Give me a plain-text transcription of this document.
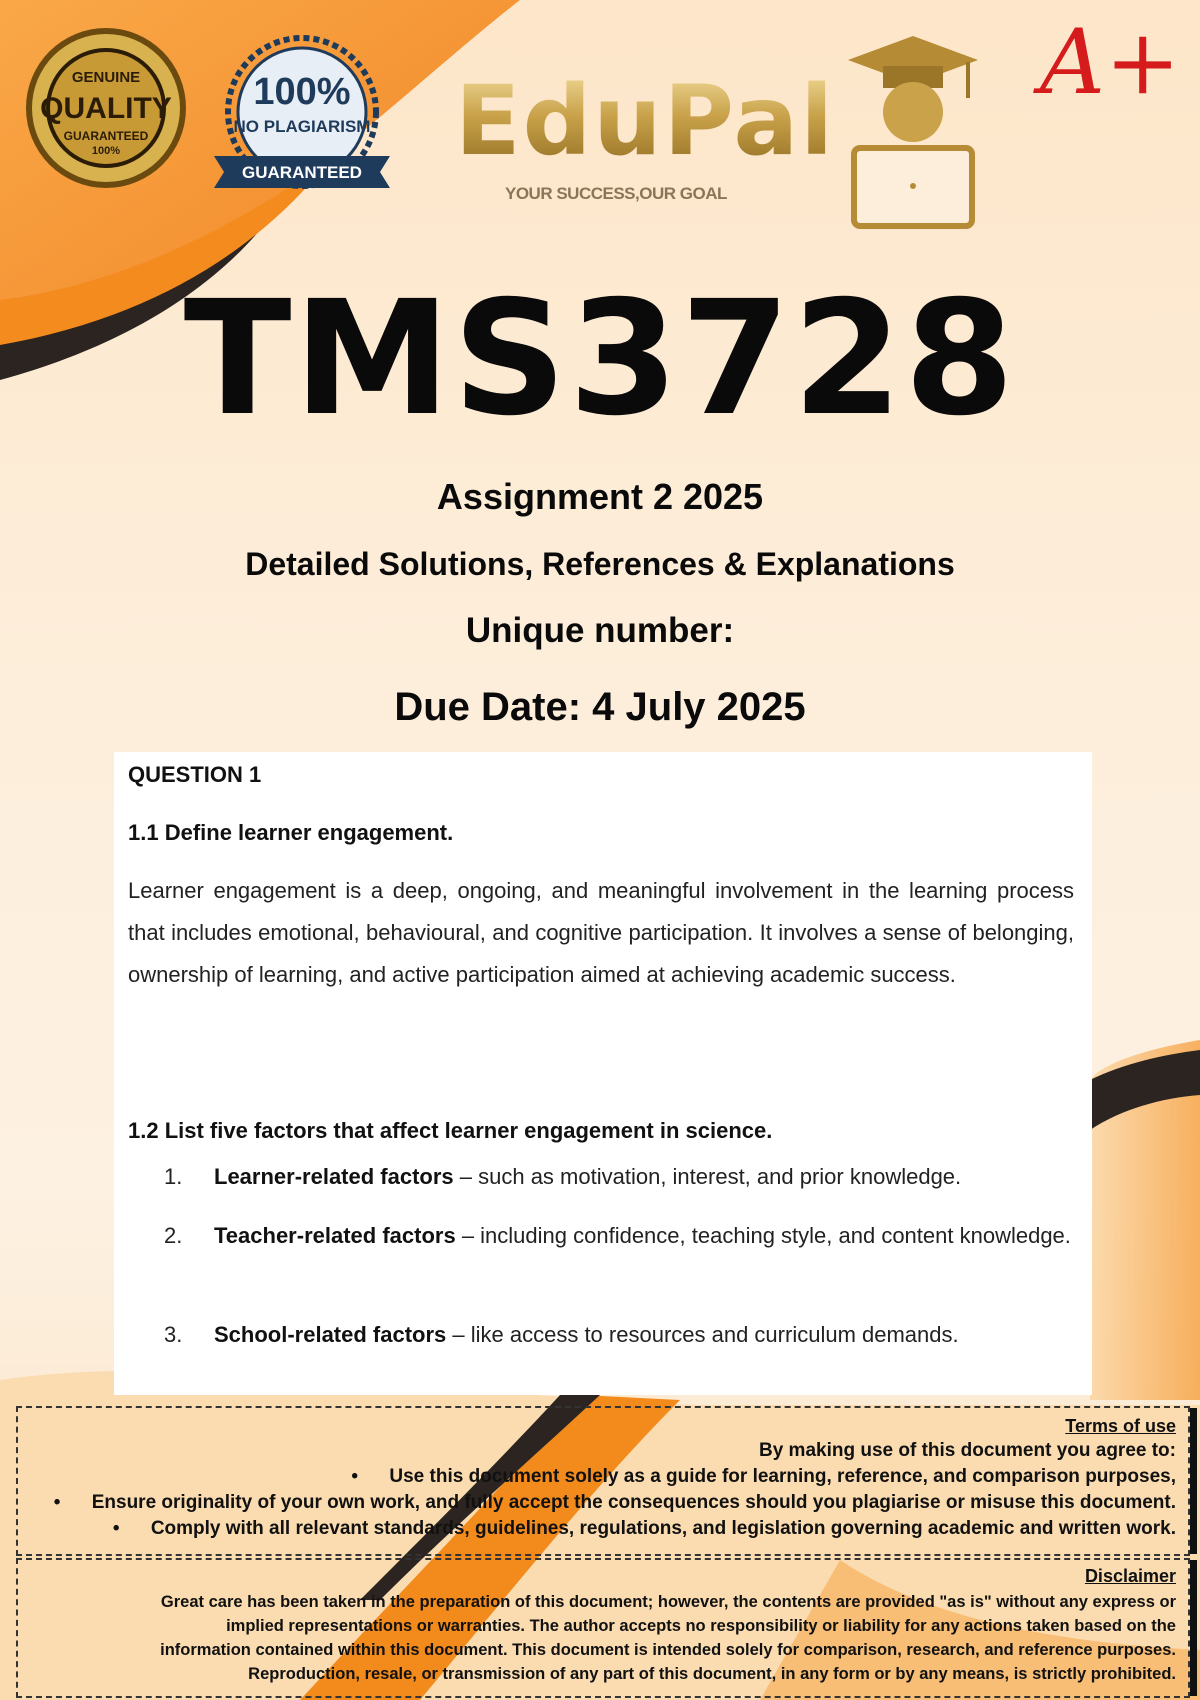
GENUINE
QUALITY
GUARANTEED
100%
100%
NO PLAGIARISM
GUARANTEED EduPal
YOUR SUCCESS,OUR GOAL
A+
TMS3728
Assignment 2 2025
Detailed Solutions, References & Explanations
Unique number:
Due Date: 4 July 2025
QUESTION 1
1.1 Define learner engagement.
Learner engagement is a deep, ongoing, and meaningful involvement in the learning process that includes emotional, behavioural, and cognitive participation. It involves a sense of belonging, ownership of learning, and active participation aimed at achieving academic success.
1.2 List five factors that affect learner engagement in science.
1. Learner-related factors – such as motivation, interest, and prior knowledge.
2. Teacher-related factors – including confidence, teaching style, and content knowledge.
3. School-related factors – like access to resources and curriculum demands.
Terms of use
By making use of this document you agree to:
• Use this document solely as a guide for learning, reference, and comparison purposes,
• Ensure originality of your own work, and fully accept the consequences should you plagiarise or misuse this document.
• Comply with all relevant standards, guidelines, regulations, and legislation governing academic and written work.
Disclaimer
Great care has been taken in the preparation of this document; however, the contents are provided "as is" without any express or
implied representations or warranties. The author accepts no responsibility or liability for any actions taken based on the
information contained within this document. This document is intended solely for comparison, research, and reference purposes.
Reproduction, resale, or transmission of any part of this document, in any form or by any means, is strictly prohibited.
